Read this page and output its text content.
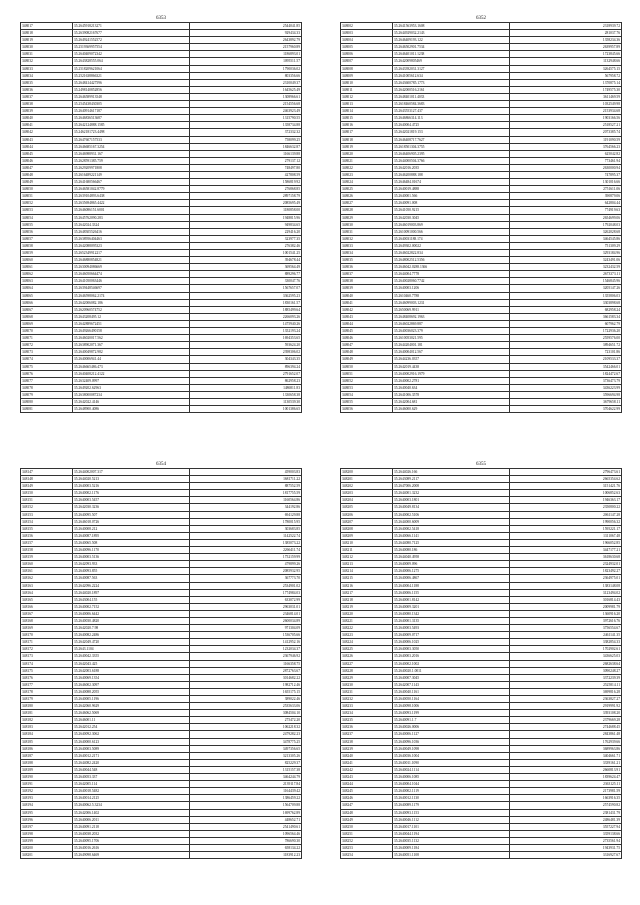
6353
348017	35.2645918213271	2544041.85
348018	35.2639082167677	929434.33
348019	35.2649241552572	2643892.79
348030	35.2519369957554	2157960.89
348031	35.2640409072342	1186893.01
348032	35.2643828555.064	1095511.57
348033	35.2518209621064	1790036.02
348034	35.2521638866321	803356.66
348035	35.2648414427596	2310049.37
348036	35.2498140852856	1645625.49
348037	35.2646589913548	1308966.61
348038	35.2545438430305	2154556.68
348039	35.2640914617187	2463923.49
348040	35.2646836513687	1315790.55
348041	35.2642124888.1585	1358734.88
348042	35.2462181723.4498	372332.32
348043	35.2647607157533	758099.25
348044	35.2646685167.3254	1846632.87
348045	35.2646988931.167	1166139.88
348046	35.2628591385.759	279137.12
348047	35.2629209971808	748497.80
348048	35.2616489221149	427808.59
348049	35.2641680566467	1586819.92
348050	35.2646581042.8779	276868.85
348051	35.2639104893.6438	2897158.79
348052	35.2635694865.4422	2085695.49
348053	35.2646086151.6001	1180858.00
348054	35.2645762090.283	1948815.96
348055	35.2642024.3324	949834.65
348056	35.2648305526416	229416.20
348057	35.2638956404463	323977.35
348058	35.2642088095323	276382.46
348059	35.2652349912217	1001541.25
348060	35.2646880854821	394678.44
348061	35.2630094086669	369564.49
348062	35.2646050664474	889296.77
348063	35.2641050063446	330047.76
348064	35.2639448546697	1567657.07
348065	35.2646598062.2174	3362595.23
348066	35.2642006082.186	1830161.57
348067	35.2620960574752	1885499.64
348068	35.2643208495.12	2266093.26
348069	35.2642889672451	1475940.26
348070	35.2649266490158	1352193.24
348071	35.2646020017.562	1694353.65
348072	35.2638902071.367	593624.20
348073	35.2640049872.982	2398306.02
348074	35.2640006941.44	304343.35
348075	35.2646665486.473	896394.24
348076	35.2640408212.4122	2791652.07
348077	35.2632409.0997	862958.23
348078	35.2649202.62963	1486811.83
348079	35.2638000087234	1330658.38
348080	35.2642022.4146	1130539.30
348081	35.2648900.4086	1001386.65
6352
348002	35.2641563953.1608	2318939.72
348003	35.2644929032.2143	281037.76
348004	35.2646409193.122	1358234.36
348005	35.2646502901.7534	2639957.89
348006	35.2646401011.1238	1723845.66
348007	35.2642009805469	1132948.66
348008	35.2643392031.3127	3264575.15
348009	35.2641005612.634	567958.72
348010	35.2643600785.1773	1370875.14
348011	35.2642000516.2161	1749575.30
348012	35.2648401011.4033	3611469.59
348013	35.2618460584.3683	1032549.98
348014	35.2643553127.437	2153934.68
348015	35.2646866314.113	1903166.56
348016	35.2640004.4725	2518527.21
348017	35.2642021819.153	2073385.74
348018	35.2646408717.7627	1191090.59
348019	35.2618501304.3755	3764566.23
348020	35.2646406905.2395	625042.82
348021	35.2644000504.3766	773461.94
348022	35.2642016.2035	2630000.94
348023	35.2646200888.188	747895.37
348024	35.2646484.01674	1301016.66
348025	35.2640019.4888	2751611.06
348026	35.2640001.566	390879.06
348027	35.2640091.008	642804.44
348028	35.2641050.9215	774919.63
348029	35.2642030.3045	2654699.06
348030	35.2646019003.869	1792048.03
348031	35.2610091000.566	3262028.68
348032	35.2640031188.174	3464545.86
348033	35.2649302.00022	751309.29
348034	35.2646022822.834	3293184.96
348035	35.2648002512.5356	3243491.06
348036	35.2646042.0288.1366	3232432.59
348037	35.2644004.7778	2673373.11
348038	35.2640028060.7742	1546845.96
348039	35.2640003.1206	3205147.26
348040	35.2610460.7788	1355806.03
348041	35.2646099003.1231	3303898.68
348042	35.2650069.9911	682958.24
348043	35.2648408692.1963	3661583.34
348044	35.2646022869.887	607962.79
348045	35.2640036023.379	1722936.20
348046	35.2610053021.595	2559576.00
348047	35.2644204001.181	3894651.72
348048	35.2640004012.567	723101.86
348049	35.2644236.0357	2109533.37
348050	35.2642019.4438	3542466.01
348051	35.2640002916.1979	1824472.67
348052	35.2640002.2781	3736473.79
348053	35.2640040.634	3436223.99
348054	35.2641006.3578	3596694.98
348055	35.2642004.681	3679658.11
348056	35.2646000.629	3704622.99
6354
348147	35.2644002007.317	459003.83
348148	35.2644020.5213	1681711.22
348149	35.2640003.5216	887552.59
348150	35.2640002.1176	1817755.59
348151	35.2640003.5457	1160564.86
348152	35.2642030.3236	344192.86
348153	35.2640095.507	694129.88
348154	35.2646018.0726	1780015.95
348155	35.2640008.212	303683.85
348156	35.2640087.1895	1142522.74
348157	35.2640065.508	1385073.22
348158	35.2640096.1170	2266411.74
348159	35.2640003.5136	1752159.99
348160	35.2642093.933	479899.26
348161	35.2640093.855	2085932.95
348162	35.2640087.563	367773.70
348163	35.2642096.2224	2534901.02
348164	35.2644020.1897	1774984.03
348165	35.2643004.155	633072.99
348166	35.2640002.7152	2963031.01
348167	35.2640006.6442	2346814.01
348168	35.2640030.4820	2600034.89
348169	35.2642020.7.98	971304.09
348170	35.2640082.2486	1536705.66
348171	35.2642049.4720	1412952.16
348172	35.2643.1104	1232034.37
348173	35.2640042.3355	2367946.92
348174	35.2642043.425	1166358.75
348175	35.2642003.6188	2872763.67
348176	35.2640069.1354	3014682.22
348177	35.2646002.3097	1982712.46
348178	35.2640088.2055	1655175.15
348179	35.2640005.1196	389022.46
348180	35.2642060.9629	2535633.06
348181	35.2646062.5069	3084504.10
348182	35.2646001.11	275472.20
348183	35.2642012.254	1062218.32
348184	35.2640092.3062	2479282.23
348185	35.2640000.6123	3478775.25
348186	35.2640003.5089	3497356.65
348187	35.2640012.2171	3213305.26
348188	35.2644082.2420	825229.37
348189	35.2640044.548	1315157.38
348190	35.2640053.337	3464244.79
348191	35.2642005.114	2139117.84
348192	35.2640018.5482	1164439.42
348193	35.2640014.2125	1386459.22
348194	35.2640062.5.3234	1564709.88
348195	35.2642006.1402	1699762.89
348196	35.2640006.2011	448652.71
348197	35.2640091.2118	2541490.61
348198	35.2640038.2032	1096564.46
348199	35.2640095.1706	786690.30
348200	35.2640016.2616	658134.22
348201	35.2649098.6469	1183912.23
6355
348200	35.2644026.166	2796473.61
348201	35.2643089.2117	2665354.62
348202	35.2647006.2008	3151421.76
348203	35.2644001.3232	1006852.63
348204	35.2640003.1801	1946363.17
348205	35.2640049.8134	2350800.22
348206	35.2640002.5106	2061147.28
348207	35.2644000.6009	1990056.32
348208	35.2640002.5418	1595221.17
348209	35.2640066.1141	1311067.48
348210	35.2644080.7125	1966052.85
348211	35.2640080.186	3447177.21
348212	35.2644040.4958	3618630.68
348213	35.2640009.096	2324932.01
348214	35.2640006.1275	1823492.27
348215	35.2640006.4867	2364975.01
348216	35.2640004.1188	1383148.08
348217	35.2640006.1155	3123494.02
348218	35.2640001.8142	3016814.43
348219	35.2640009.3201	2009981.79
348220	35.2640080.1342	1360916.20
348221	35.2640001.3135	3972616.76
348222	35.2640003.5493	3756554.67
348223	35.2640009.0717	2461141.35
348224	35.2640006.1025	3382854.33
348225	35.2640003.3050	1702902.61
348226	35.2640003.2016	3436625.03
348227	35.2640002.1002	2682638.64
348228	35.2640020.1.0011	3090248.27
348229	35.2640007.3045	3372239.39
348230	35.2642007.1143	2525814.11
348231	35.2640040.1161	3699816.28
348232	35.2640050.1164	2363827.27
348233	35.2640098.1006	2919991.92
348234	35.2640093.1199	3393108.20
348235	35.2640091.1.7	2379669.28
348236	35.2640026.0006	2744688.45
348237	35.2640006.1127	2843861.48
348238	35.2640096.1036	1762939.66
348239	35.2640049.1098	3689963.86
348240	35.2640036.1004	3404661.71
348241	35.2640011.1090	3339161.21
348242	35.2640024.1114	2660813.91
348243	35.2640006.1085	1839624.47
348244	35.2640004.1044	2363125.11
348245	35.2640002.1119	2173981.59
348246	35.2640012.1130	1663916.35
348247	35.2640089.1179	2574590.82
348248	35.2640093.1153	2381431.79
348249	35.2640046.1112	2486481.39
348250	35.2640017.1101	3557227.94
348251	35.2640044.1194	3359138.66
348252	35.2640035.1132	2735561.94
348253	35.2640009.1184	1943931.75
348254	35.2640051.1108	3316927.67
